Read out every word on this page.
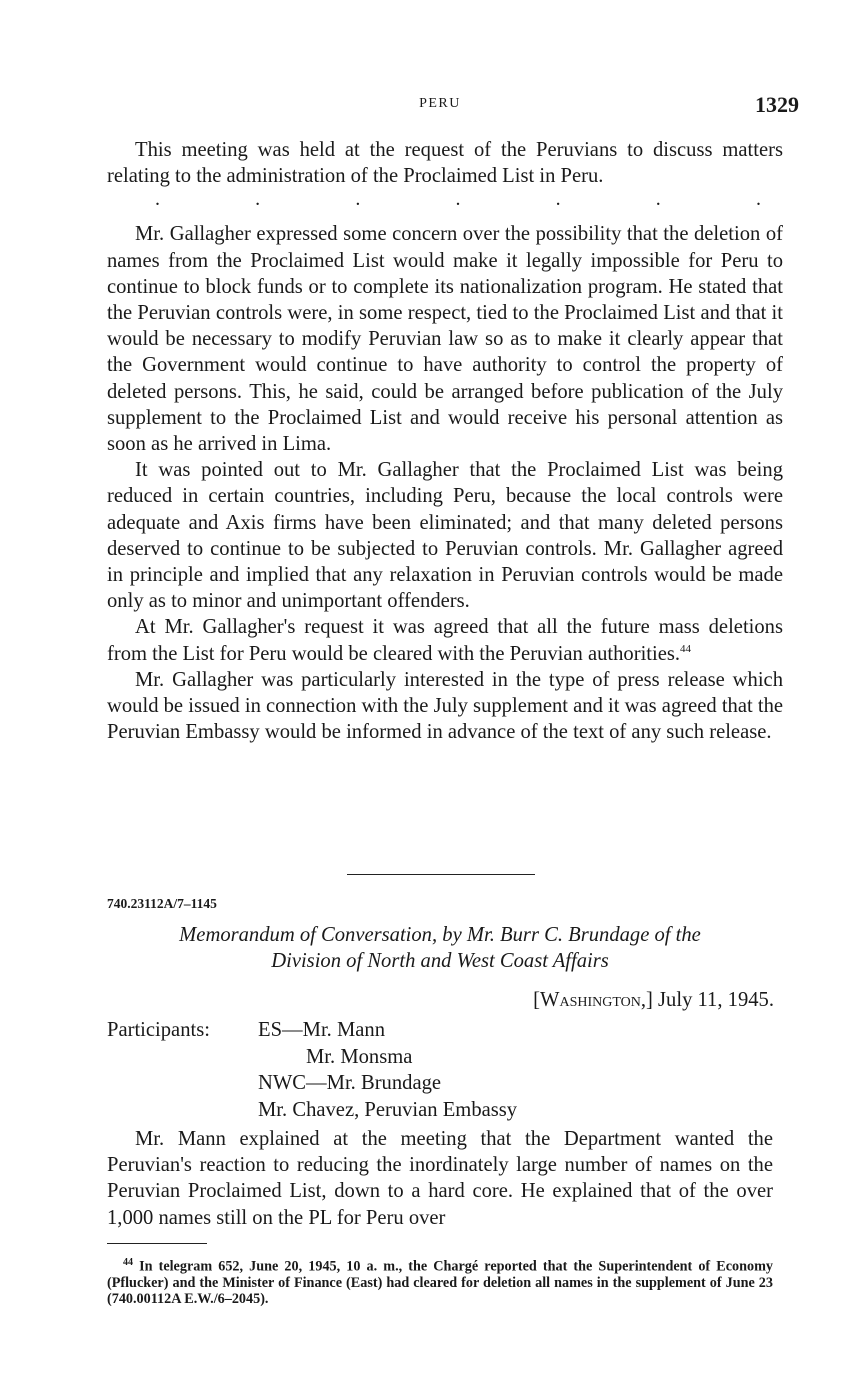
PERU	1329

This meeting was held at the request of the Peruvians to discuss matters relating to the administration of the Proclaimed List in Peru.

.	.	.	.	.	.	.

Mr. Gallagher expressed some concern over the possibility that the deletion of names from the Proclaimed List would make it legally impossible for Peru to continue to block funds or to complete its nationalization program. He stated that the Peruvian controls were, in some respect, tied to the Proclaimed List and that it would be necessary to modify Peruvian law so as to make it clearly appear that the Government would continue to have authority to control the property of deleted persons. This, he said, could be arranged before publication of the July supplement to the Proclaimed List and would receive his personal attention as soon as he arrived in Lima.

It was pointed out to Mr. Gallagher that the Proclaimed List was being reduced in certain countries, including Peru, because the local controls were adequate and Axis firms have been eliminated; and that many deleted persons deserved to continue to be subjected to Peruvian controls. Mr. Gallagher agreed in principle and implied that any relaxation in Peruvian controls would be made only as to minor and unimportant offenders.

At Mr. Gallagher's request it was agreed that all the future mass deletions from the List for Peru would be cleared with the Peruvian authorities.$^{44}$

Mr. Gallagher was particularly interested in the type of press release which would be issued in connection with the July supplement and it was agreed that the Peruvian Embassy would be informed in advance of the text of any such release.

740.23112A/7–1145
Memorandum of Conversation, by Mr. Burr C. Brundage of the
Division of North and West Coast Affairs
[Washington,] July 11, 1945.
Participants: ES—Mr. Mann
Mr. Monsma
NWC—Mr. Brundage
Mr. Chavez, Peruvian Embassy

Mr. Mann explained at the meeting that the Department wanted the Peruvian's reaction to reducing the inordinately large number of names on the Peruvian Proclaimed List, down to a hard core. He explained that of the over 1,000 names still on the PL for Peru over

$^{44}$ In telegram 652, June 20, 1945, 10 a. m., the Chargé reported that the Superintendent of Economy (Pflucker) and the Minister of Finance (East) had cleared for deletion all names in the supplement of June 23 (740.00112A E.W./6–2045).
